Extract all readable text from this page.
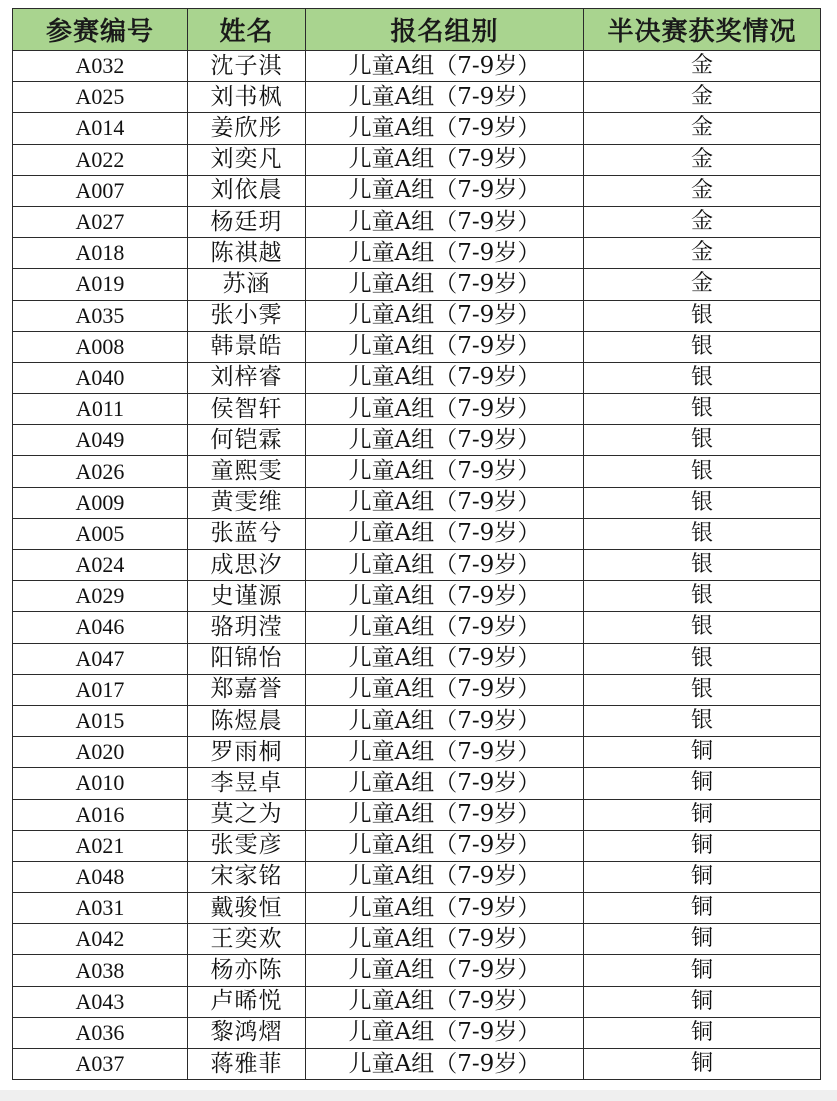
参赛编号	姓名	报名组别	半决赛获奖情况
A032	沈子淇	儿童A组（7-9岁）	金
A025	刘书枫	儿童A组（7-9岁）	金
A014	姜欣彤	儿童A组（7-9岁）	金
A022	刘奕凡	儿童A组（7-9岁）	金
A007	刘依晨	儿童A组（7-9岁）	金
A027	杨廷玥	儿童A组（7-9岁）	金
A018	陈祺越	儿童A组（7-9岁）	金
A019	苏涵	儿童A组（7-9岁）	金
A035	张小霁	儿童A组（7-9岁）	银
A008	韩景皓	儿童A组（7-9岁）	银
A040	刘梓睿	儿童A组（7-9岁）	银
A011	侯智轩	儿童A组（7-9岁）	银
A049	何铠霖	儿童A组（7-9岁）	银
A026	童熙雯	儿童A组（7-9岁）	银
A009	黄雯维	儿童A组（7-9岁）	银
A005	张蓝兮	儿童A组（7-9岁）	银
A024	成思汐	儿童A组（7-9岁）	银
A029	史谨源	儿童A组（7-9岁）	银
A046	骆玥滢	儿童A组（7-9岁）	银
A047	阳锦怡	儿童A组（7-9岁）	银
A017	郑嘉誉	儿童A组（7-9岁）	银
A015	陈煜晨	儿童A组（7-9岁）	银
A020	罗雨桐	儿童A组（7-9岁）	铜
A010	李昱卓	儿童A组（7-9岁）	铜
A016	莫之为	儿童A组（7-9岁）	铜
A021	张雯彦	儿童A组（7-9岁）	铜
A048	宋家铭	儿童A组（7-9岁）	铜
A031	戴骏恒	儿童A组（7-9岁）	铜
A042	王奕欢	儿童A组（7-9岁）	铜
A038	杨亦陈	儿童A组（7-9岁）	铜
A043	卢晞悦	儿童A组（7-9岁）	铜
A036	黎鸿熠	儿童A组（7-9岁）	铜
A037	蒋雅菲	儿童A组（7-9岁）	铜
